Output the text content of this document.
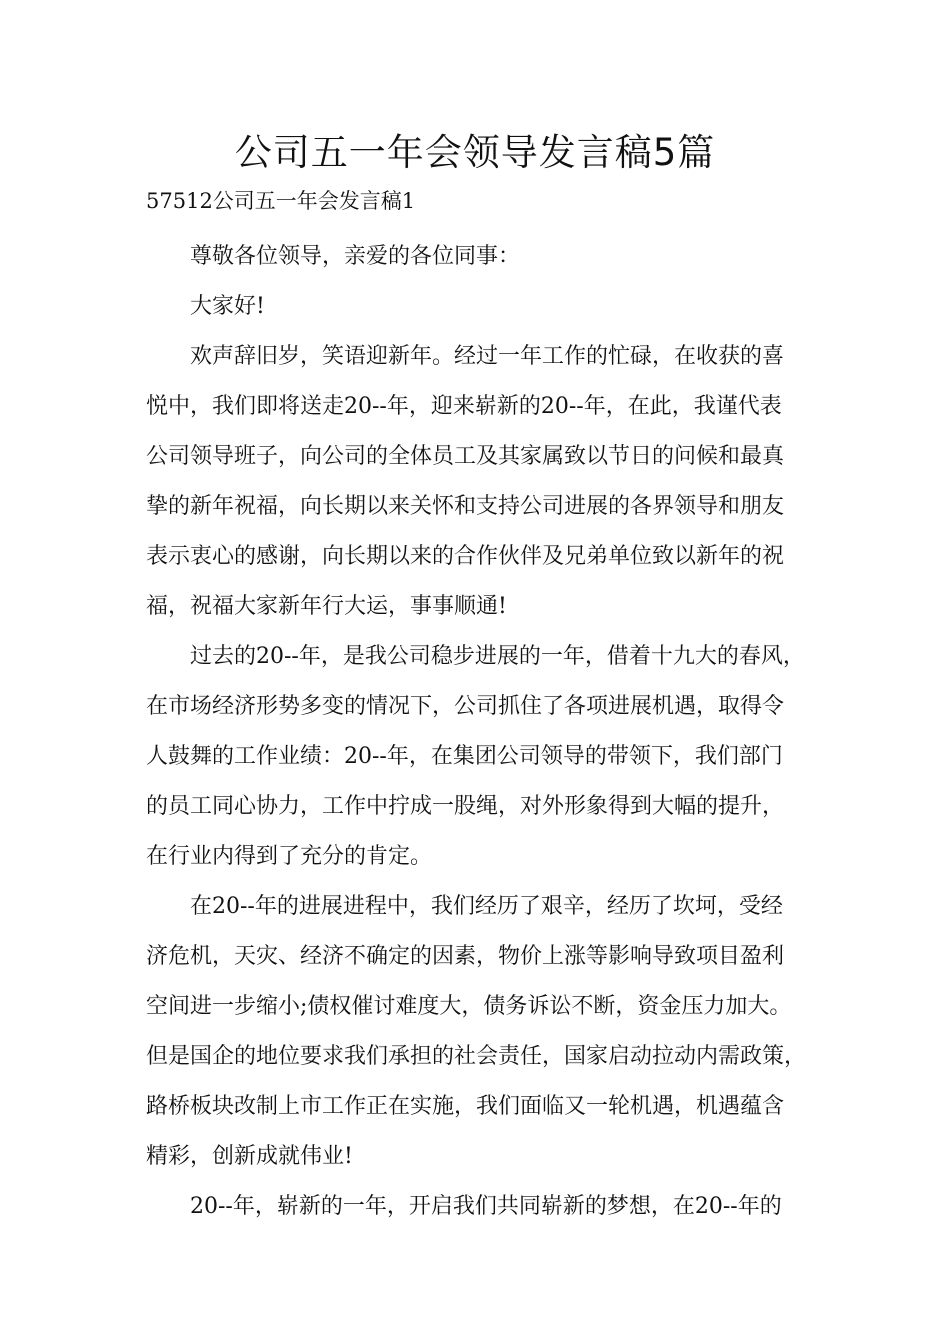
公司五一年会领导发言稿5篇

57512公司五一年会发言稿1

尊敬各位领导，亲爱的各位同事：
大家好!
欢声辞旧岁，笑语迎新年。经过一年工作的忙碌，在收获的喜
悦中，我们即将送走20--年，迎来崭新的20--年，在此，我谨代表
公司领导班子，向公司的全体员工及其家属致以节日的问候和最真
挚的新年祝福，向长期以来关怀和支持公司进展的各界领导和朋友
表示衷心的感谢，向长期以来的合作伙伴及兄弟单位致以新年的祝
福，祝福大家新年行大运，事事顺通!
过去的20--年，是我公司稳步进展的一年，借着十九大的春风，
在市场经济形势多变的情况下，公司抓住了各项进展机遇，取得令
人鼓舞的工作业绩：20--年，在集团公司领导的带领下，我们部门
的员工同心协力，工作中拧成一股绳，对外形象得到大幅的提升，
在行业内得到了充分的肯定。
在20--年的进展进程中，我们经历了艰辛，经历了坎坷，受经
济危机，天灾、经济不确定的因素，物价上涨等影响导致项目盈利
空间进一步缩小;债权催讨难度大，债务诉讼不断，资金压力加大。
但是国企的地位要求我们承担的社会责任，国家启动拉动内需政策，
路桥板块改制上市工作正在实施，我们面临又一轮机遇，机遇蕴含
精彩，创新成就伟业!
20--年，崭新的一年，开启我们共同崭新的梦想，在20--年的
